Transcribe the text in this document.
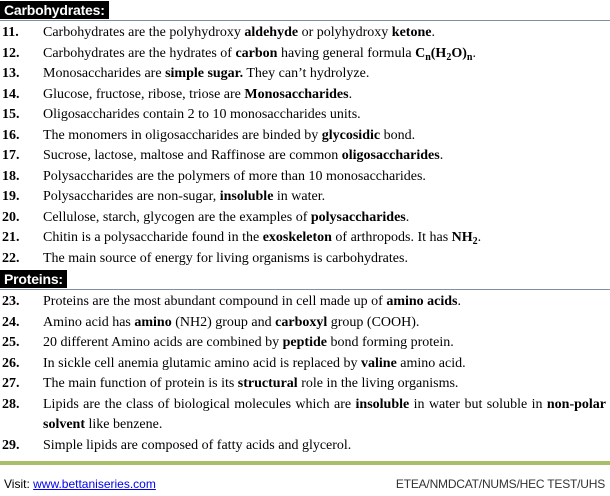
Carbohydrates:
11. Carbohydrates are the polyhydroxy aldehyde or polyhydroxy ketone.
12. Carbohydrates are the hydrates of carbon having general formula $C_n(H_2O)_n$.
13. Monosaccharides are simple sugar. They can’t hydrolyze.
14. Glucose, fructose, ribose, triose are Monosaccharides.
15. Oligosaccharides contain 2 to 10 monosaccharides units.
16. The monomers in oligosaccharides are binded by glycosidic bond.
17. Sucrose, lactose, maltose and Raffinose are common oligosaccharides.
18. Polysaccharides are the polymers of more than 10 monosaccharides.
19. Polysaccharides are non-sugar, insoluble in water.
20. Cellulose, starch, glycogen are the examples of polysaccharides.
21. Chitin is a polysaccharide found in the exoskeleton of arthropods. It has $NH_2$.
22. The main source of energy for living organisms is carbohydrates.
Proteins:
23. Proteins are the most abundant compound in cell made up of amino acids.
24. Amino acid has amino (NH2) group and carboxyl group (COOH).
25. 20 different Amino acids are combined by peptide bond forming protein.
26. In sickle cell anemia glutamic amino acid is replaced by valine amino acid.
27. The main function of protein is its structural role in the living organisms.
28. Lipids are the class of biological molecules which are insoluble in water but soluble in non-polar solvent like benzene.
29. Simple lipids are composed of fatty acids and glycerol.
Visit: www.bettaniseries.com	ETEA/NMDCAT/NUMS/HEC TEST/UHS
